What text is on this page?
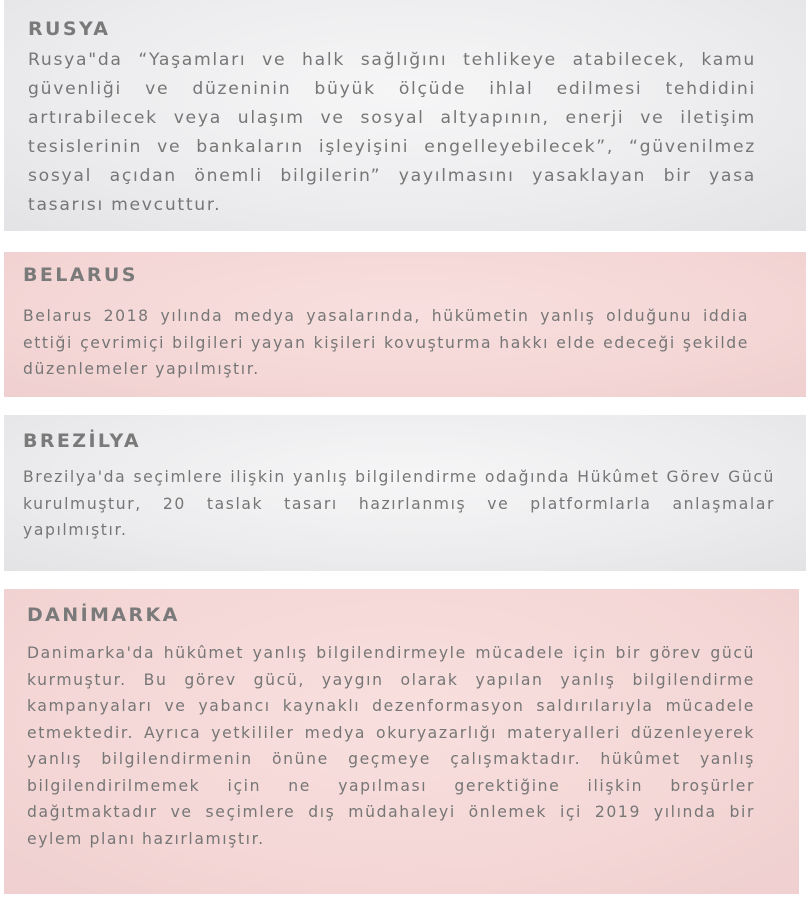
RUSYA

Rusya"da “Yaşamları ve halk sağlığını tehlikeye atabilecek, kamu güvenliği ve düzeninin büyük ölçüde ihlal edilmesi tehdidini artırabilecek veya ulaşım ve sosyal altyapının, enerji ve iletişim tesislerinin ve bankaların işleyişini engelleyebilecek”, “güvenilmez sosyal açıdan önemli bilgilerin” yayılmasını yasaklayan bir yasa tasarısı mevcuttur.

BELARUS

Belarus 2018 yılında medya yasalarında, hükümetin yanlış olduğunu iddia ettiği çevrimiçi bilgileri yayan kişileri kovuşturma hakkı elde edeceği şekilde düzenlemeler yapılmıştır.

BREZİLYA

Brezilya'da seçimlere ilişkin yanlış bilgilendirme odağında Hükûmet Görev Gücü kurulmuştur, 20 taslak tasarı hazırlanmış ve platformlarla anlaşmalar yapılmıştır.

DANİMARKA

Danimarka'da hükûmet yanlış bilgilendirmeyle mücadele için bir görev gücü kurmuştur. Bu görev gücü, yaygın olarak yapılan yanlış bilgilendirme kampanyaları ve yabancı kaynaklı dezenformasyon saldırılarıyla mücadele etmektedir. Ayrıca yetkililer medya okuryazarlığı materyalleri düzenleyerek yanlış bilgilendirmenin önüne geçmeye çalışmaktadır. hükûmet yanlış bilgilendirilmemek için ne yapılması gerektiğine ilişkin broşürler dağıtmaktadır ve seçimlere dış müdahaleyi önlemek içi 2019 yılında bir eylem planı hazırlamıştır.
